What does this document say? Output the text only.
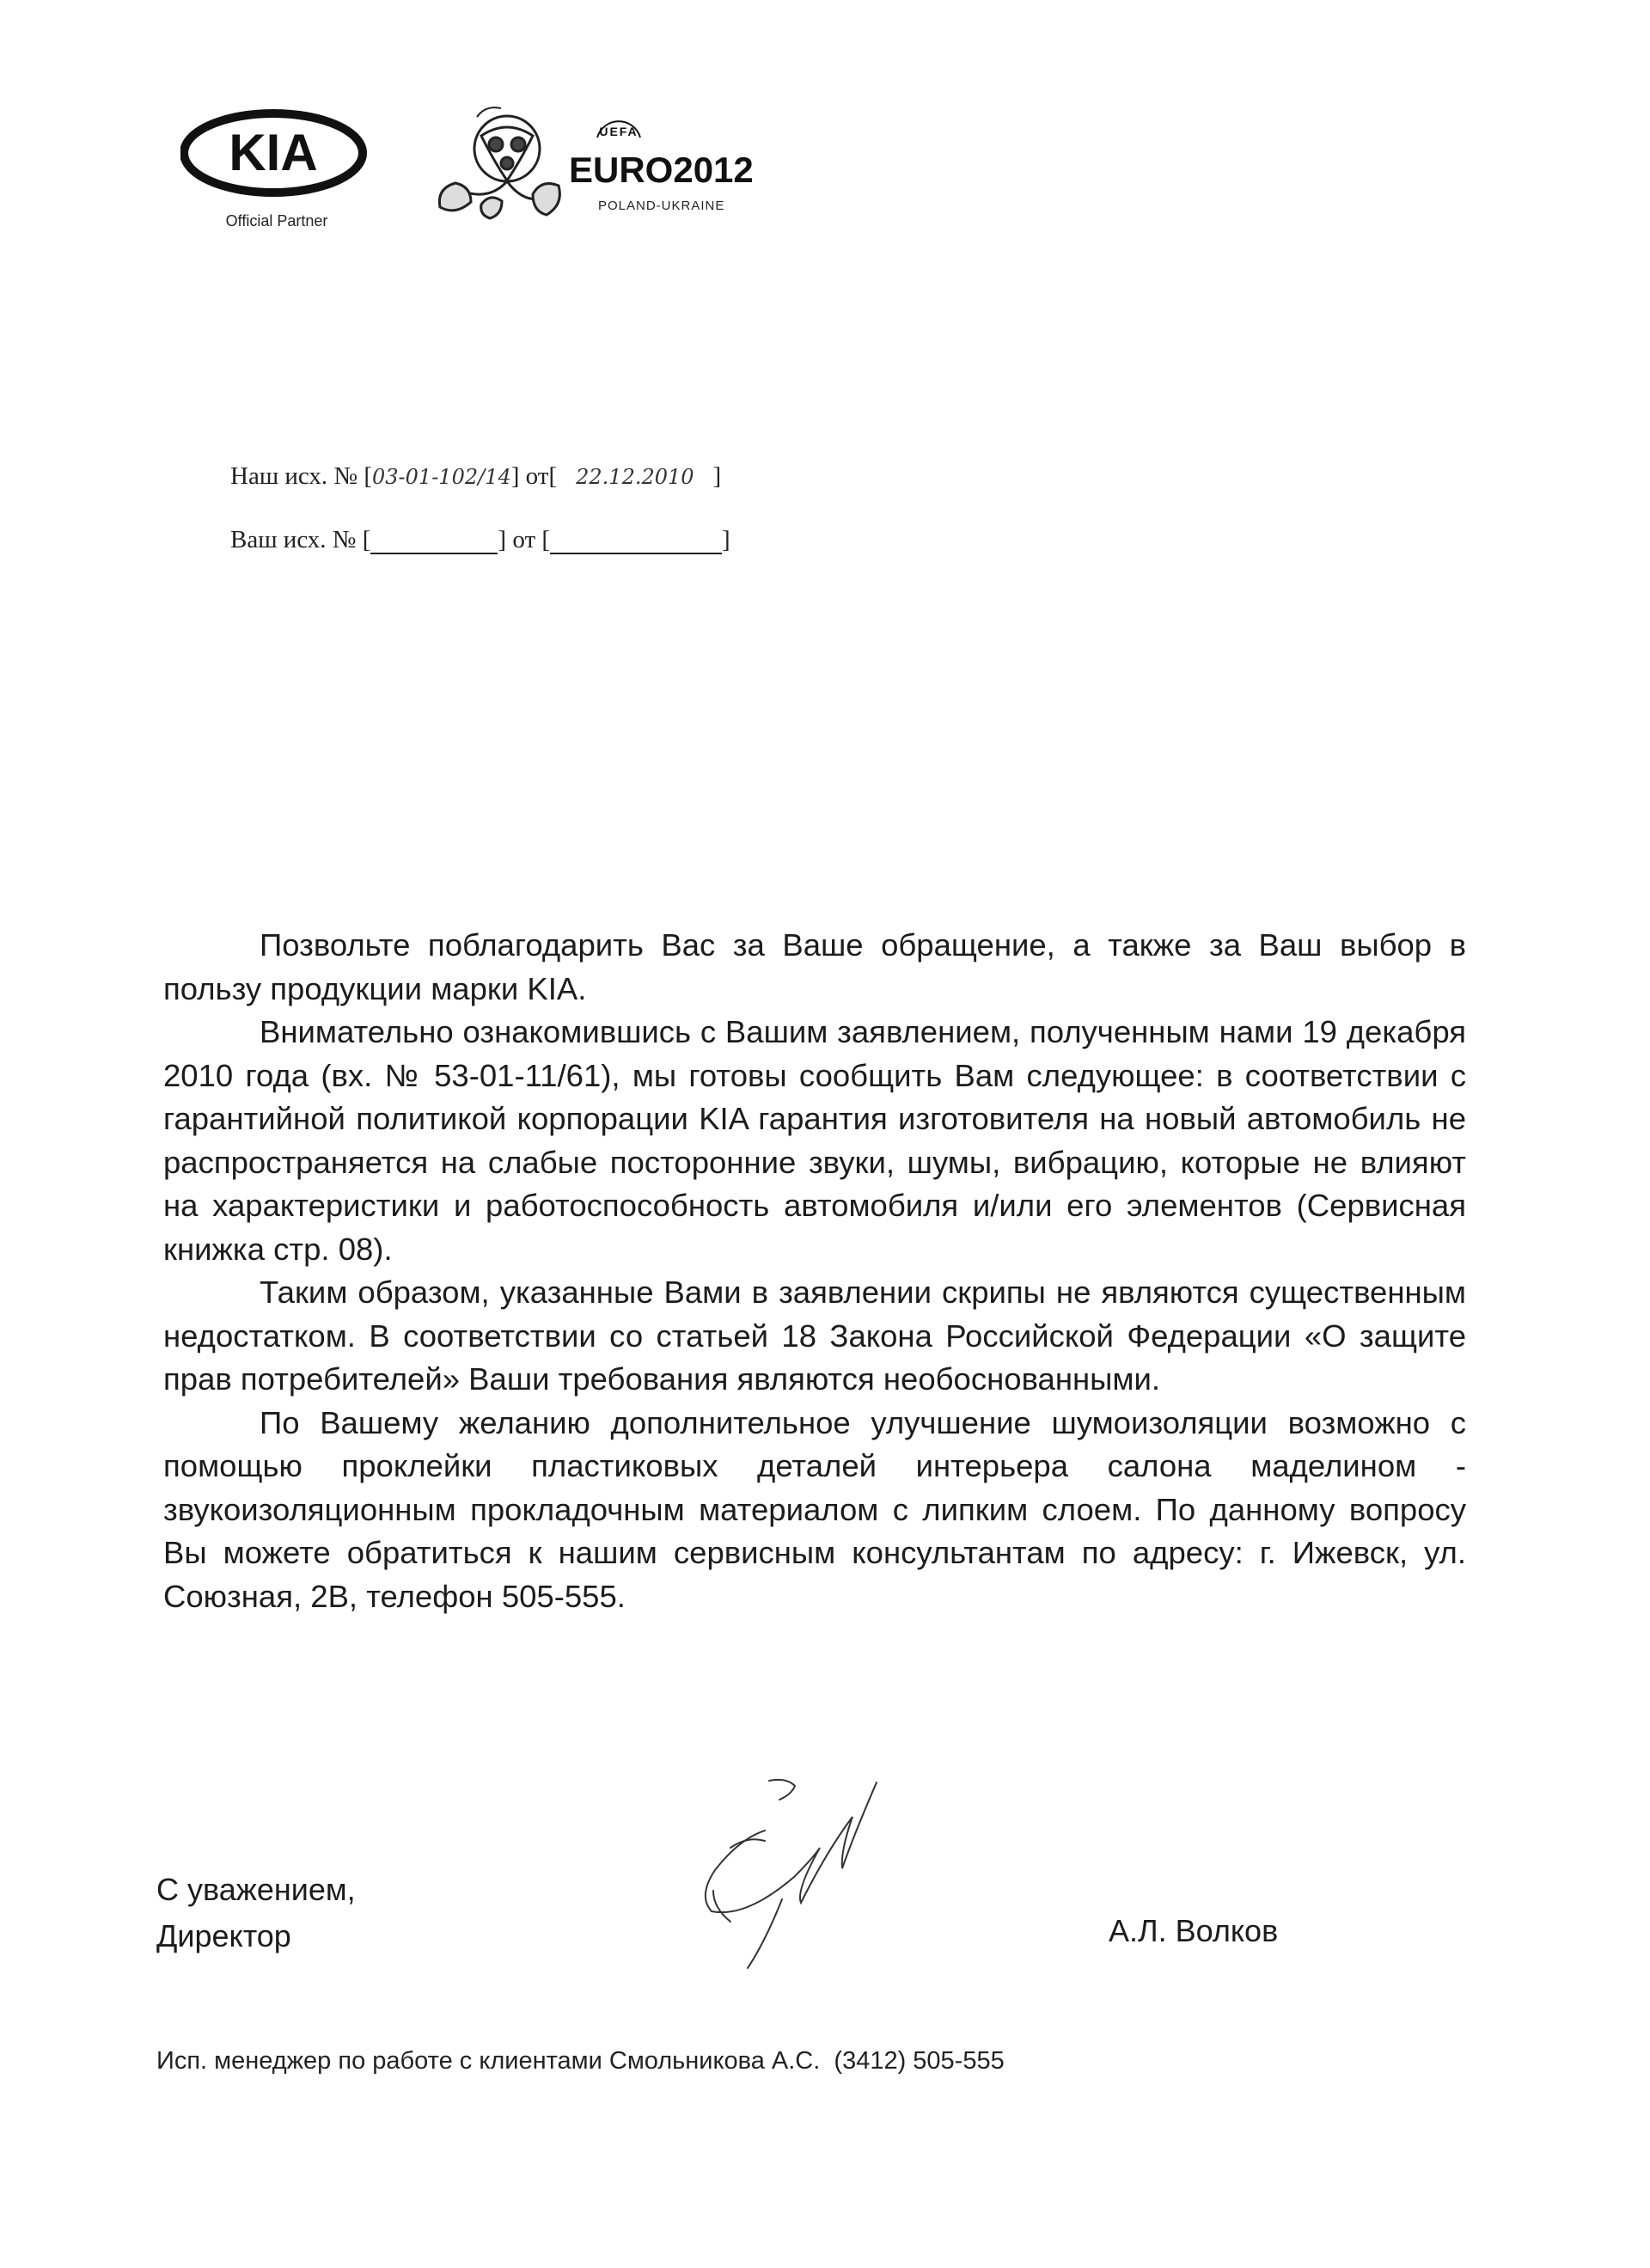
KIA
Official Partner
UEFA
EURO2012
POLAND-UKRAINE
Наш исх. № [03-01-102/14] от[ 22.12.2010 ]
Ваш исх. № [	] от [	]

Позвольте поблагодарить Вас за Ваше обращение, а также за Ваш выбор в пользу продукции марки KIA.

Внимательно ознакомившись с Вашим заявлением, полученным нами 19 декабря 2010 года (вх. № 53-01-11/61), мы готовы сообщить Вам следующее: в соответствии с гарантийной политикой корпорации KIA гарантия изготовителя на новый автомобиль не распространяется на слабые посторонние звуки, шумы, вибрацию, которые не влияют на характеристики и работоспособность автомобиля и/или его элементов (Сервисная книжка стр. 08).

Таким образом, указанные Вами в заявлении скрипы не являются существенным недостатком. В соответствии со статьей 18 Закона Российской Федерации «О защите прав потребителей» Ваши требования являются необоснованными.

По Вашему желанию дополнительное улучшение шумоизоляции возможно с помощью проклейки пластиковых деталей интерьера салона маделином - звукоизоляционным прокладочным материалом с липким слоем. По данному вопросу Вы можете обратиться к нашим сервисным консультантам по адресу: г. Ижевск, ул. Союзная, 2В, телефон 505-555.

С уважением,
Директор	А.Л. Волков
Исп. менеджер по работе с клиентами Смольникова А.С.  (3412) 505-555
